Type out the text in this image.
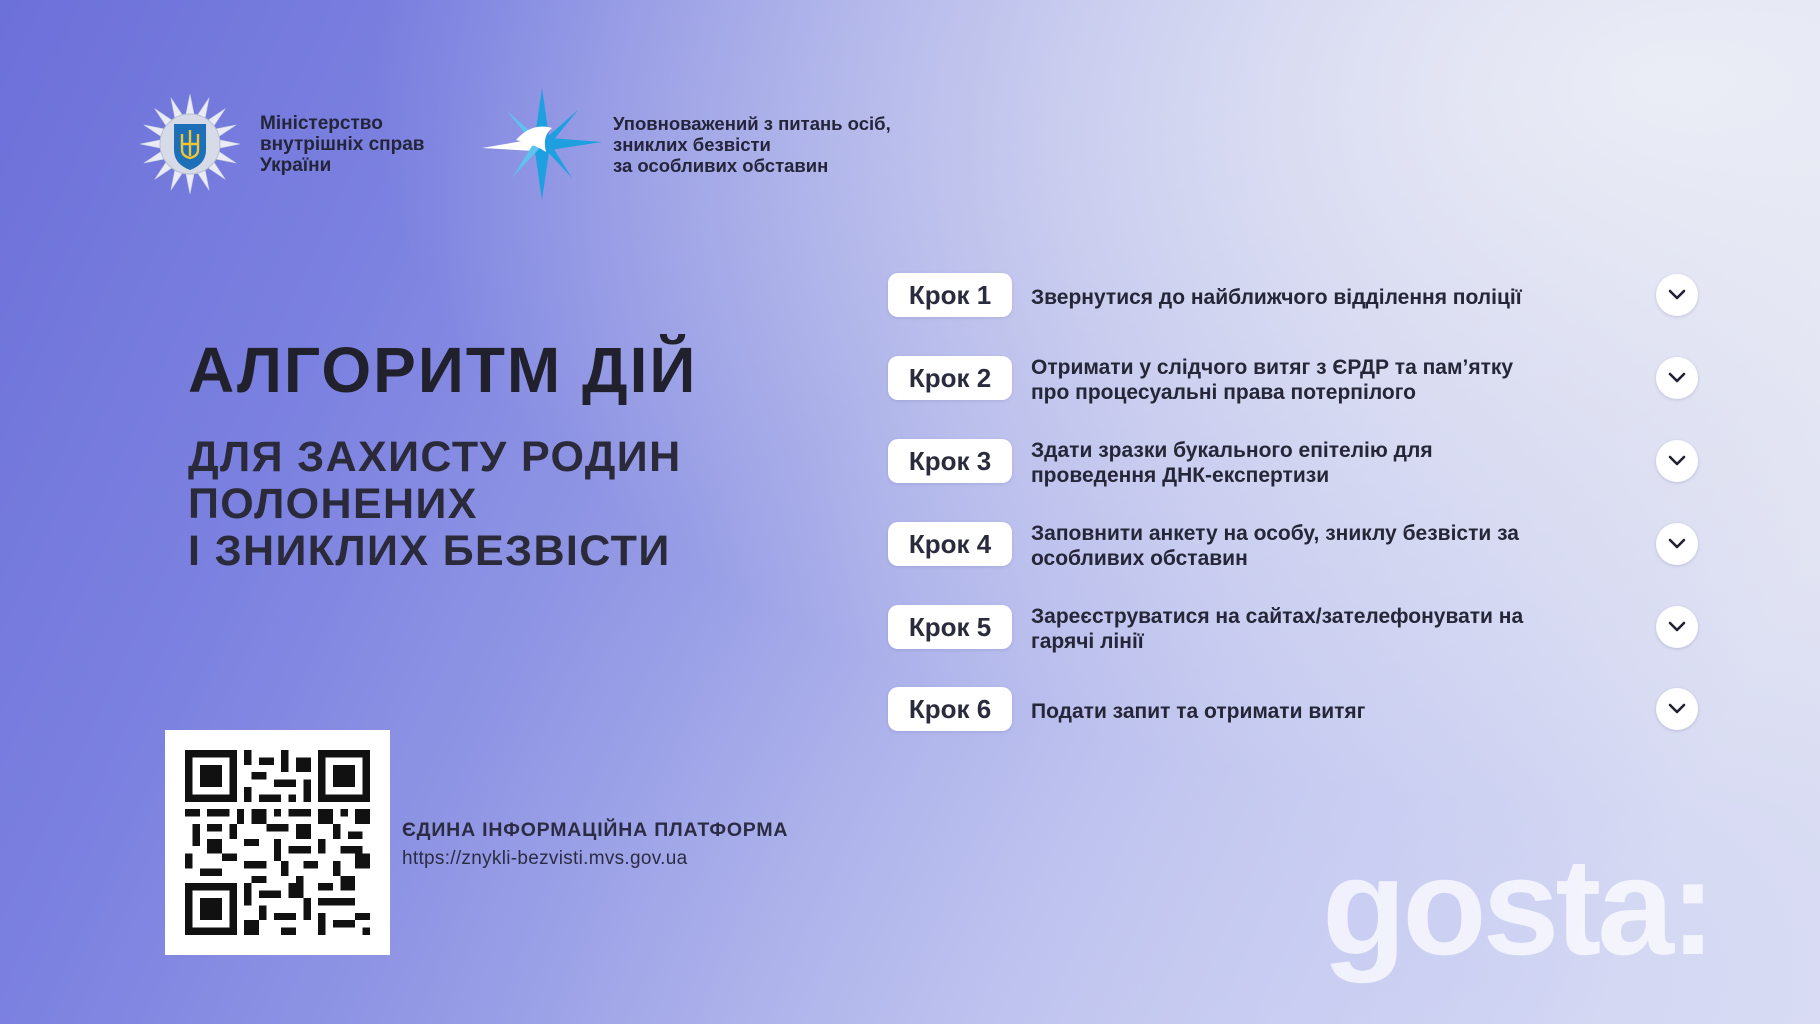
Міністерство
внутрішніх справ
України
Уповноважений з питань осіб,
зниклих безвісти
за особливих обставин
АЛГОРИТМ ДІЙ
ДЛЯ ЗАХИСТУ РОДИН
ПОЛОНЕНИХ
І ЗНИКЛИХ БЕЗВІСТИ
Крок 1	Звернутися до найближчого відділення поліції
Крок 2	Отримати у слідчого витяг з ЄРДР та пам’ятку про процесуальні права потерпілого
Крок 3	Здати зразки букального епітелію для проведення ДНК-експертизи
Крок 4	Заповнити анкету на особу, зниклу безвісти за особливих обставин
Крок 5	Зареєструватися на сайтах/зателефонувати на гарячі лінії
Крок 6	Подати запит та отримати витяг
ЄДИНА ІНФОРМАЦІЙНА ПЛАТФОРМА
https://znykli-bezvisti.mvs.gov.ua	gosta:
